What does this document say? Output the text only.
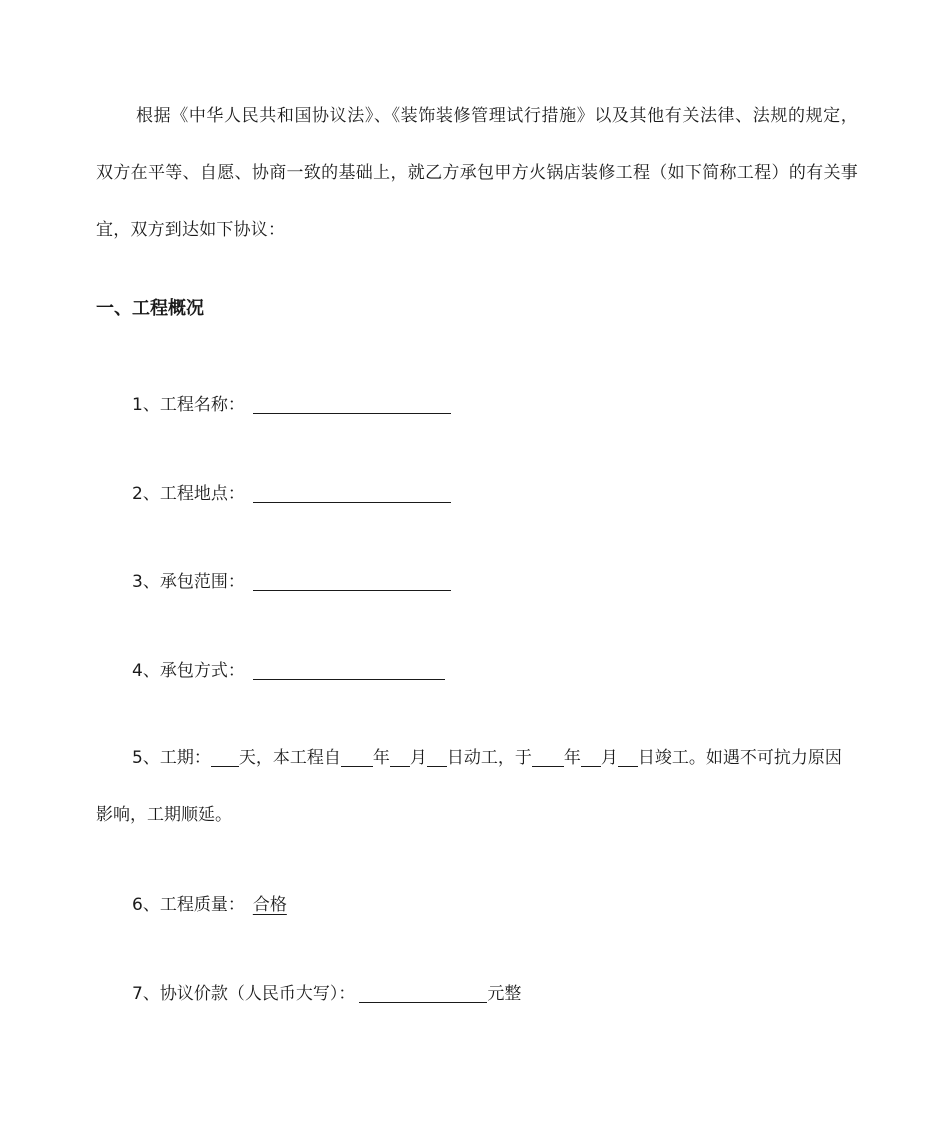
根据《中华人民共和国协议法》、《装饰装修管理试行措施》以及其他有关法律、法规的规定，双方在平等、自愿、协商一致的基础上，就乙方承包甲方火锅店装修工程（如下简称工程）的有关事宜，双方到达如下协议：

一、工程概况

1、工程名称：

2、工程地点：

3、承包范围：

4、承包方式：

5、工期： 天，本工程自 年 月 日动工，于 年 月 日竣工。如遇不可抗力原因影响，工期顺延。

6、工程质量： 合格

7、协议价款（人民币大写）：	元整
